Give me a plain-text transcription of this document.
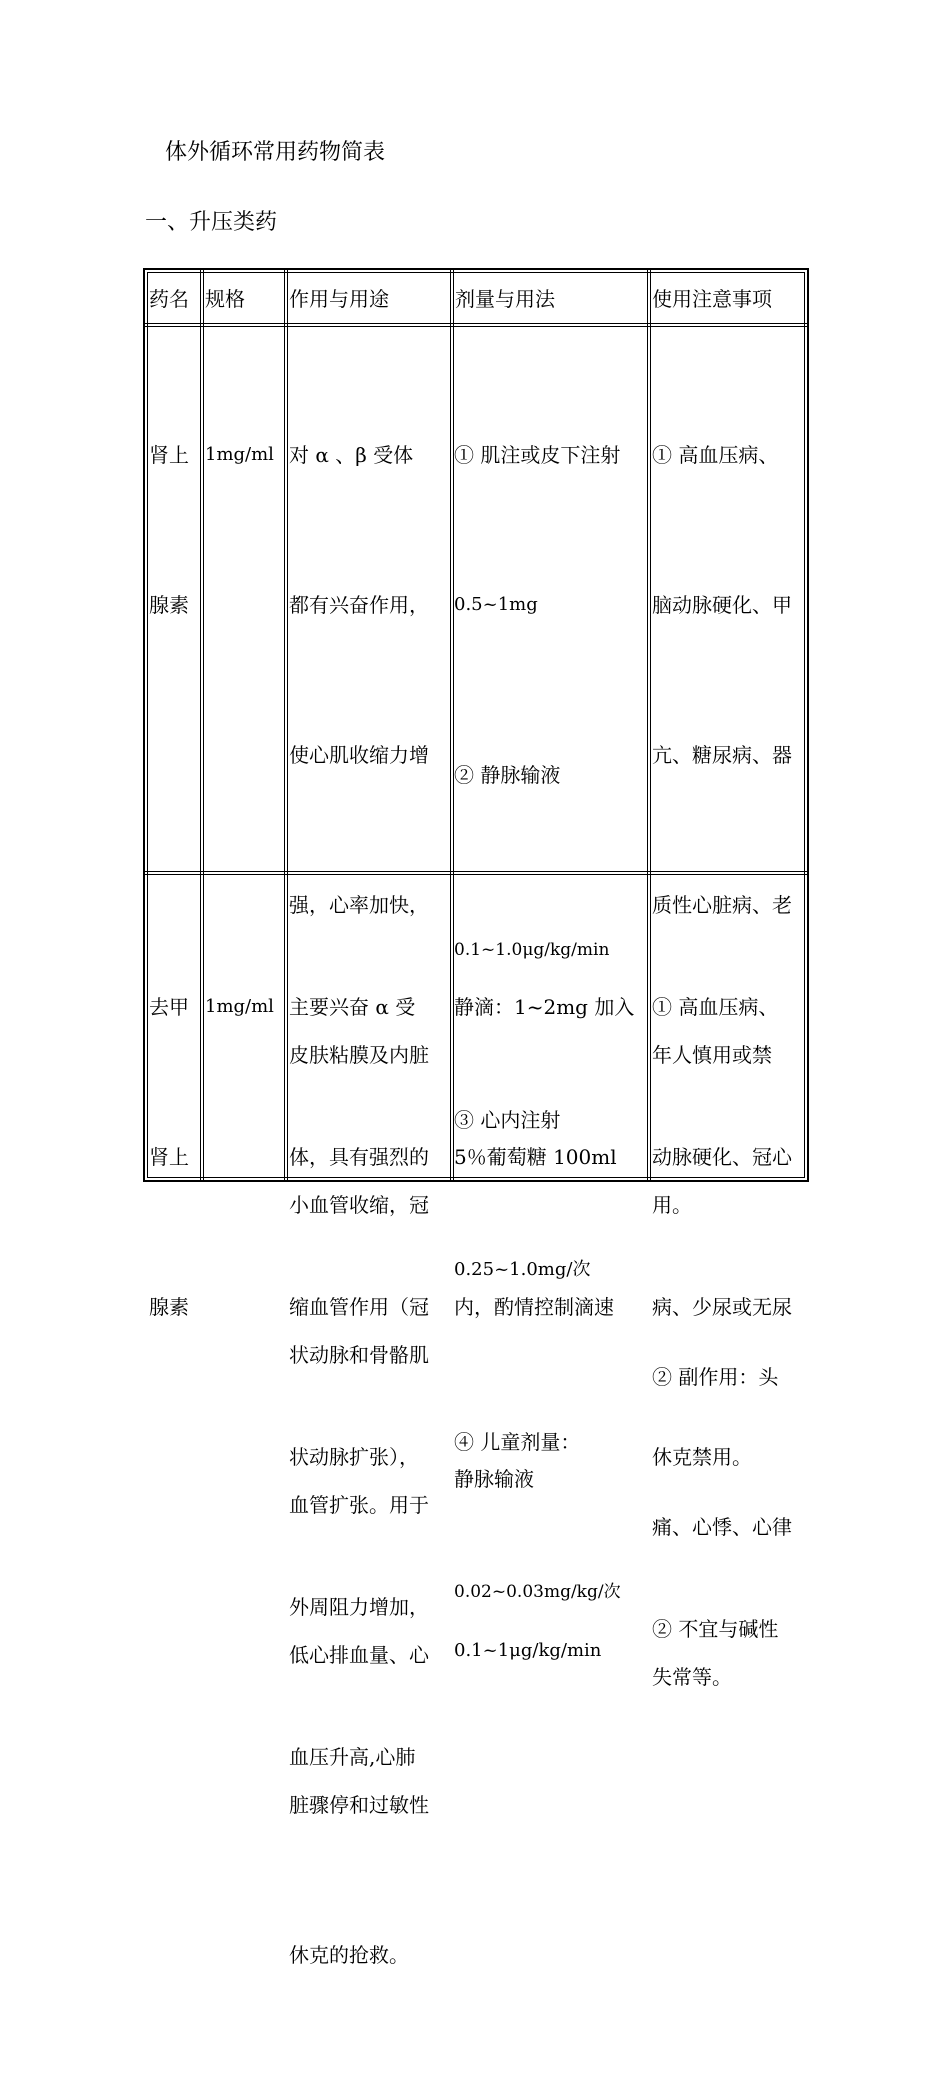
体外循环常用药物简表
一、升压类药
药名 规格 作用与用途	剂量与用法	使用注意事项

肾上

腺素

1mg/ml

对 α 、β 受体

都有兴奋作用，

使心肌收缩力增

强，心率加快，

皮肤粘膜及内脏

小血管收缩，冠

状动脉和骨骼肌

血管扩张。用于

低心排血量、心

脏骤停和过敏性

休克的抢救。

① 肌注或皮下注射

0.5~1mg

② 静脉输液

0.1~1.0μg/kg/min

③ 心内注射

0.25~1.0mg/次

④ 儿童剂量：

0.02~0.03mg/kg/次

① 高血压病、

脑动脉硬化、甲

亢、糖尿病、器

质性心脏病、老

年人慎用或禁

用。

② 副作用：头

痛、心悸、心律

失常等。

去甲

肾上

腺素

1mg/ml

主要兴奋 α 受

体，具有强烈的

缩血管作用（冠

状动脉扩张），

外周阻力增加，

血压升高,心肺

静滴：1~2mg 加入

5％葡萄糖 100ml

内，酌情控制滴速

静脉输液

0.1~1μg/kg/min

① 高血压病、

动脉硬化、冠心

病、少尿或无尿

休克禁用。

② 不宜与碱性
